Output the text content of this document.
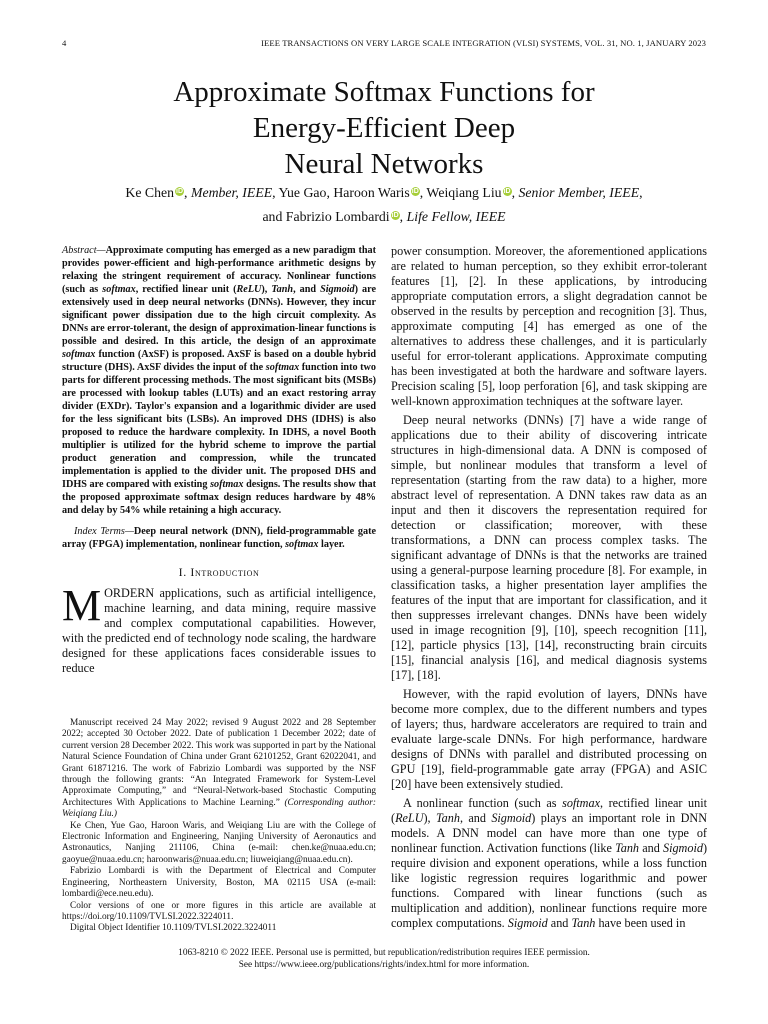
4	IEEE TRANSACTIONS ON VERY LARGE SCALE INTEGRATION (VLSI) SYSTEMS, VOL. 31, NO. 1, JANUARY 2023
Approximate Softmax Functions for
Energy-Efficient Deep
Neural Networks
Ke Chen iD, Member, IEEE, Yue Gao, Haroon Waris iD, Weiqiang Liu iD, Senior Member, IEEE,
and Fabrizio Lombardi iD, Life Fellow, IEEE
Abstract—Approximate computing has emerged as a new paradigm that provides power-efficient and high-performance arithmetic designs by relaxing the stringent requirement of accuracy. Nonlinear functions (such as softmax, rectified linear unit (ReLU), Tanh, and Sigmoid) are extensively used in deep neural networks (DNNs). However, they incur significant power dissipation due to the high circuit complexity. As DNNs are error-tolerant, the design of approximation-linear functions is possible and desired. In this article, the design of an approximate softmax function (AxSF) is proposed. AxSF is based on a double hybrid structure (DHS). AxSF divides the input of the softmax function into two parts for different processing methods. The most significant bits (MSBs) are processed with lookup tables (LUTs) and an exact restoring array divider (EXDr). Taylor's expansion and a logarithmic divider are used for the less significant bits (LSBs). An improved DHS (IDHS) is also proposed to reduce the hardware complexity. In IDHS, a novel Booth multiplier is utilized for the hybrid scheme to improve the partial product generation and compression, while the truncated implementation is applied to the divider unit. The proposed DHS and IDHS are compared with existing softmax designs. The results show that the proposed approximate softmax design reduces hardware by 48% and delay by 54% while retaining a high accuracy.
Index Terms—Deep neural network (DNN), field-programmable gate array (FPGA) implementation, nonlinear function, softmax layer.
I. Introduction
MORDERN applications, such as artificial intelligence, machine learning, and data mining, require massive and complex computational capabilities. However, with the predicted end of technology node scaling, the hardware designed for these applications faces considerable issues to reduce

Manuscript received 24 May 2022; revised 9 August 2022 and 28 September 2022; accepted 30 October 2022. Date of publication 1 December 2022; date of current version 28 December 2022. This work was supported in part by the National Natural Science Foundation of China under Grant 62101252, Grant 62022041, and Grant 61871216. The work of Fabrizio Lombardi was supported by the NSF through the following grants: “An Integrated Framework for System-Level Approximate Computing,” and “Neural-Network-based Stochastic Computing Architectures With Applications to Machine Learning.” (Corresponding author: Weiqiang Liu.)

Ke Chen, Yue Gao, Haroon Waris, and Weiqiang Liu are with the College of Electronic Information and Engineering, Nanjing University of Aeronautics and Astronautics, Nanjing 211106, China (e-mail: chen.ke@nuaa.edu.cn; gaoyue@nuaa.edu.cn; haroonwaris@nuaa.edu.cn; liuweiqiang@nuaa.edu.cn).

Fabrizio Lombardi is with the Department of Electrical and Computer Engineering, Northeastern University, Boston, MA 02115 USA (e-mail: lombardi@ece.neu.edu).

Color versions of one or more figures in this article are available at https://doi.org/10.1109/TVLSI.2022.3224011.

Digital Object Identifier 10.1109/TVLSI.2022.3224011

power consumption. Moreover, the aforementioned applications are related to human perception, so they exhibit error-tolerant features [1], [2]. In these applications, by introducing appropriate computation errors, a slight degradation cannot be observed in the results by perception and recognition [3]. Thus, approximate computing [4] has emerged as one of the alternatives to address these challenges, and it is particularly useful for error-tolerant applications. Approximate computing has been investigated at both the hardware and software layers. Precision scaling [5], loop perforation [6], and task skipping are well-known approximation techniques at the software layer.

Deep neural networks (DNNs) [7] have a wide range of applications due to their ability of discovering intricate structures in high-dimensional data. A DNN is composed of simple, but nonlinear modules that transform a level of representation (starting from the raw data) to a higher, more abstract level of representation. A DNN takes raw data as an input and then it discovers the representation required for detection or classification; moreover, with these transformations, a DNN can process complex tasks. The significant advantage of DNNs is that the networks are trained using a general-purpose learning procedure [8]. For example, in classification tasks, a higher presentation layer amplifies the features of the input that are important for classification, and it then suppresses irrelevant changes. DNNs have been widely used in image recognition [9], [10], speech recognition [11], [12], particle physics [13], [14], reconstructing brain circuits [15], financial analysis [16], and medical diagnosis systems [17], [18].

However, with the rapid evolution of layers, DNNs have become more complex, due to the different numbers and types of layers; thus, hardware accelerators are required to train and evaluate large-scale DNNs. For high performance, hardware designs of DNNs with parallel and distributed processing on GPU [19], field-programmable gate array (FPGA) and ASIC [20] have been extensively studied.

A nonlinear function (such as softmax, rectified linear unit (ReLU), Tanh, and Sigmoid) plays an important role in DNN models. A DNN model can have more than one type of nonlinear function. Activation functions (like Tanh and Sigmoid) require division and exponent operations, while a loss function like logistic regression requires logarithmic and power functions. Compared with linear functions (such as multiplication and addition), nonlinear functions require more complex computations. Sigmoid and Tanh have been used in

1063-8210 © 2022 IEEE. Personal use is permitted, but republication/redistribution requires IEEE permission.
See https://www.ieee.org/publications/rights/index.html for more information.
